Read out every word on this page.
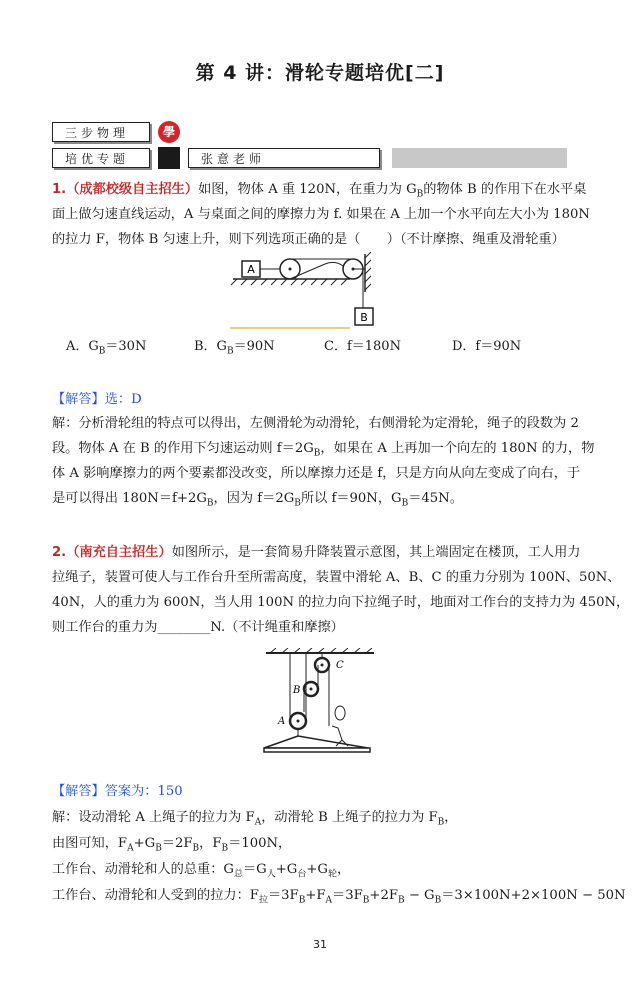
第 4 讲：滑轮专题培优[二]
三步物理	學
培优专题	张意老师
1.（成都校级自主招生）如图，物体 A 重 120N，在重力为 $G_B$的物体 B 的作用下在水平桌
面上做匀速直线运动，A 与桌面之间的摩擦力为 f. 如果在 A 上加一个水平向左大小为 180N
的拉力 F，物体 B 匀速上升，则下列选项正确的是（　　）（不计摩擦、绳重及滑轮重）
A
B
A．$G_B=30N$	B．$G_B=90N$	C．f＝180N	D．f＝90N
【解答】选：D
解：分析滑轮组的特点可以得出，左侧滑轮为动滑轮，右侧滑轮为定滑轮，绳子的段数为 2
段。物体 A 在 B 的作用下匀速运动则 $f=2G_B$，如果在 A 上再加一个向左的 180N 的力，物
体 A 影响摩擦力的两个要素都没改变，所以摩擦力还是 f，只是方向从向左变成了向右，于
是可以得出 $180N=f+2G_B$，因为 $f=2G_B$所以 f＝90N，$G_B=45N$。
2.（南充自主招生）如图所示，是一套简易升降装置示意图，其上端固定在楼顶，工人用力
拉绳子，装置可使人与工作台升至所需高度，装置中滑轮 A、B、C 的重力分别为 100N、50N、
40N，人的重力为 600N，当人用 100N 的拉力向下拉绳子时，地面对工作台的支持力为 450N，
则工作台的重力为________N.（不计绳重和摩擦）
C
B
A
【解答】答案为：150
解：设动滑轮 A 上绳子的拉力为 $F_A$，动滑轮 B 上绳子的拉力为 $F_B$，
由图可知，$F_A+G_B=2F_B$，$F_B=100N$，
工作台、动滑轮和人的总重：$G_总=G_人+G_台+G_轮$，
工作台、动滑轮和人受到的拉力：$F_拉=3F_B+F_A=3F_B+2F_B - G_B=3\times 100N+2\times 100N - 50N$
31
